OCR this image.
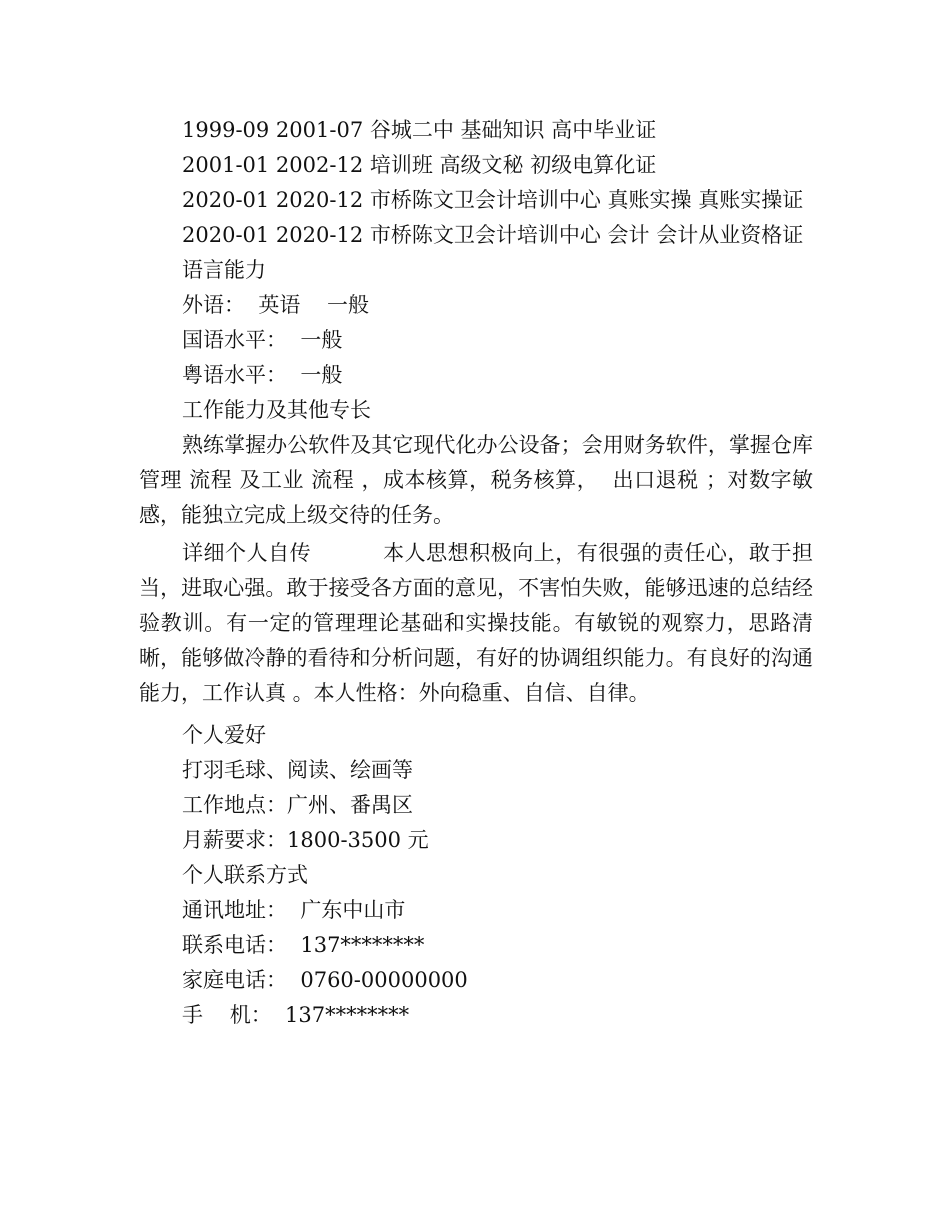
1999-09 2001-07 谷城二中 基础知识 高中毕业证
2001-01 2002-12 培训班 高级文秘 初级电算化证
2020-01 2020-12 市桥陈文卫会计培训中心 真账实操 真账实操证
2020-01 2020-12 市桥陈文卫会计培训中心 会计 会计从业资格证
语言能力
外语：  英语    一般
国语水平：  一般
粤语水平：  一般
工作能力及其他专长
熟练掌握办公软件及其它现代化办公设备；会用财务软件，掌握仓库管理 流程 及工业 流程 ，成本核算，税务核算，  出口退税 ；对数字敏感，能独立完成上级交待的任务。
详细个人自传          本人思想积极向上，有很强的责任心，敢于担当，进取心强。敢于接受各方面的意见，不害怕失败，能够迅速的总结经验教训。有一定的管理理论基础和实操技能。有敏锐的观察力，思路清晰，能够做冷静的看待和分析问题，有好的协调组织能力。有良好的沟通能力，工作认真 。本人性格：外向稳重、自信、自律。
个人爱好
打羽毛球、阅读、绘画等
工作地点：广州、番禺区
月薪要求：1800-3500 元
个人联系方式
通讯地址：  广东中山市
联系电话：  137********
家庭电话：  0760-00000000
手    机：  137********
